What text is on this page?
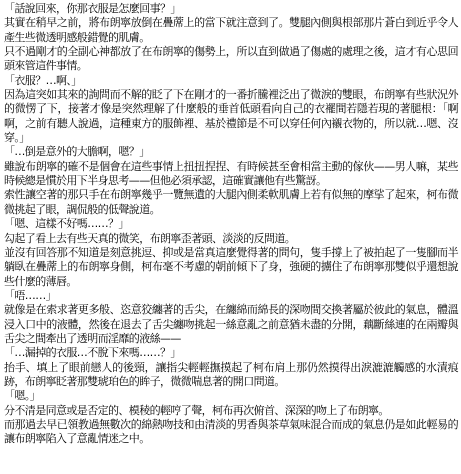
「話說回來，你那衣服是怎麼回事？」

其實在稍早之前，將布朗寧放倒在疊蓆上的當下就注意到了。雙腿內側與根部那片蒼白到近乎令人產生些微透明感般錯覺的肌膚。

只不過剛才的全副心神都放了在布朗寧的傷勢上，所以直到做過了傷處的處理之後，這才有心思回頭來管這件事情。

「衣服？…啊、」

因為這突如其來的詢問而不解的眨了下在剛才的一番折騰裡泛出了微淚的雙眼，布朗寧有些狀況外的微愣了下，接著才像是突然理解了什麼般的垂首低頭看向自己的衣襬間若隱若現的著腿根：「啊啊，之前有聽人說過，這種東方的服飾裡、基於禮節是不可以穿任何內襯衣物的，所以就…嗯、沒穿。」

「…倒是意外的大膽啊，嗯？」

雖說布朗寧的確不是個會在這些事情上扭扭捏捏、有時候甚至會相當主動的傢伙——男人嘛，某些時候總是慣於用下半身思考——但他必須承認，這確實讓他有些驚訝。

索性讓空著的那只手在布朗寧幾乎一覽無遺的大腿內側柔軟肌膚上若有似無的摩挲了起來，柯布微微挑起了眼，調侃般的低聲說道。

「嗯、這樣不好嗎……？」

勾起了看上去有些天真的微笑，布朗寧歪著頭、淡淡的反問道。

並沒有回答那不知道是刻意挑逗、抑或是當真這麼覺得著的問句，隻手撐上了被拍起了一隻腳而半躺臥在疊蓆上的布朗寧身側，柯布毫不考慮的朝前傾下了身，強硬的擄住了布朗寧那雙似乎還想說些什麼的薄唇。

「唔……」

就像是在索求著更多般、恣意狡纏著的舌尖，在纏綿而綿長的深吻間交換著屬於彼此的氣息，體溫浸入口中的液體，然後在退去了舌尖纏吻挑起一絲意亂之前意猶未盡的分開，藕斷絲連的在兩瓣與舌尖之間牽出了透明而淫靡的液絲——

「…漏掉的衣服…不脫下來嗎……？」

抬手、填上了眼前戀人的後頸，讓指尖輕輕撫摸起了柯布肩上那仍然摸得出淚漉漉觸感的水漬痕跡，布朗寧眨著那雙琥珀色的眸子，微微喘息著的開口問道。

「嗯。」

分不清是同意或是否定的、模稜的輕哼了聲，柯布再次俯首、深深的吻上了布朗寧。

而那過去早已領教過無數次的綿熱吻技和由清淡的男香與茶草氣味混合而成的氣息仍是如此輕易的讓布朗寧陷入了意亂情迷之中。
